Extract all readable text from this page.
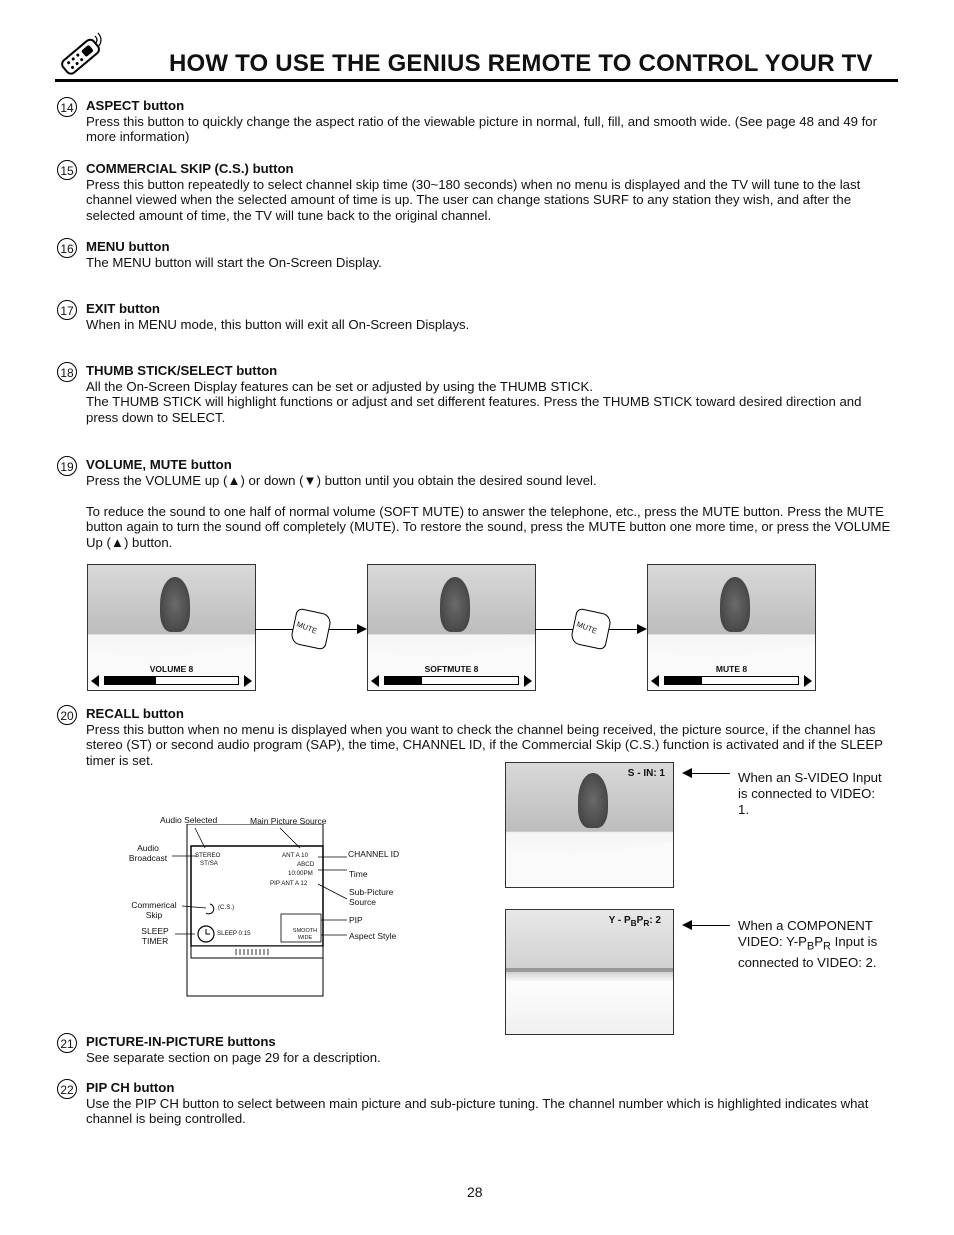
HOW TO USE THE GENIUS REMOTE TO CONTROL YOUR TV
14 ASPECT button

Press this button to quickly change the aspect ratio of the viewable picture in normal, full, fill, and smooth wide. (See page 48 and 49 for more information)

15 COMMERCIAL SKIP (C.S.) button

Press this button repeatedly to select channel skip time (30~180 seconds) when no menu is displayed and the TV will tune to the last channel viewed when the selected amount of time is up. The user can change stations SURF to any station they wish, and after the selected amount of time, the TV will tune back to the original channel.

16 MENU button

The MENU button will start the On-Screen Display.

17 EXIT button

When in MENU mode, this button will exit all On-Screen Displays.

18 THUMB STICK/SELECT button

All the On-Screen Display features can be set or adjusted by using the THUMB STICK.

The THUMB STICK will highlight functions or adjust and set different features. Press the THUMB STICK toward desired direction and press down to SELECT.

19 VOLUME, MUTE button

Press the VOLUME up (▲) or down (▼) button until you obtain the desired sound level.

To reduce the sound to one half of normal volume (SOFT MUTE) to answer the telephone, etc., press the MUTE button. Press the MUTE button again to turn the sound off completely (MUTE). To restore the sound, press the MUTE button one more time, or press the VOLUME Up (▲) button.

VOLUME 8
MUTE
SOFTMUTE 8
MUTE
MUTE 8
20 RECALL button

Press this button when no menu is displayed when you want to check the channel being received, the picture source, if the channel has stereo (ST) or second audio program (SAP), the time, CHANNEL ID, if the Commercial Skip (C.S.) function is activated and if the SLEEP timer is set.

Audio Selected	Main Picture Source
Audio Broadcast
Commerical Skip
SLEEP TIMER
CHANNEL ID
Time
Sub-Picture Source
PIP
Aspect Style
STEREO
ST/SA
ANT A 10
ABCD
10:00PM
PIP ANT A 12
(C.S.)
SLEEP 0:15	SMOOTH
WIDE
S - IN: 1	When an S-VIDEO Input is connected to VIDEO: 1.
Y - $P_BP_R$: 2	When a COMPONENT VIDEO: $Y-P_BP_R$ Input is connected to VIDEO: 2.
21 PICTURE-IN-PICTURE buttons

See separate section on page 29 for a description.

22 PIP CH button

Use the PIP CH button to select between main picture and sub-picture tuning. The channel number which is highlighted indicates what channel is being controlled.

28
